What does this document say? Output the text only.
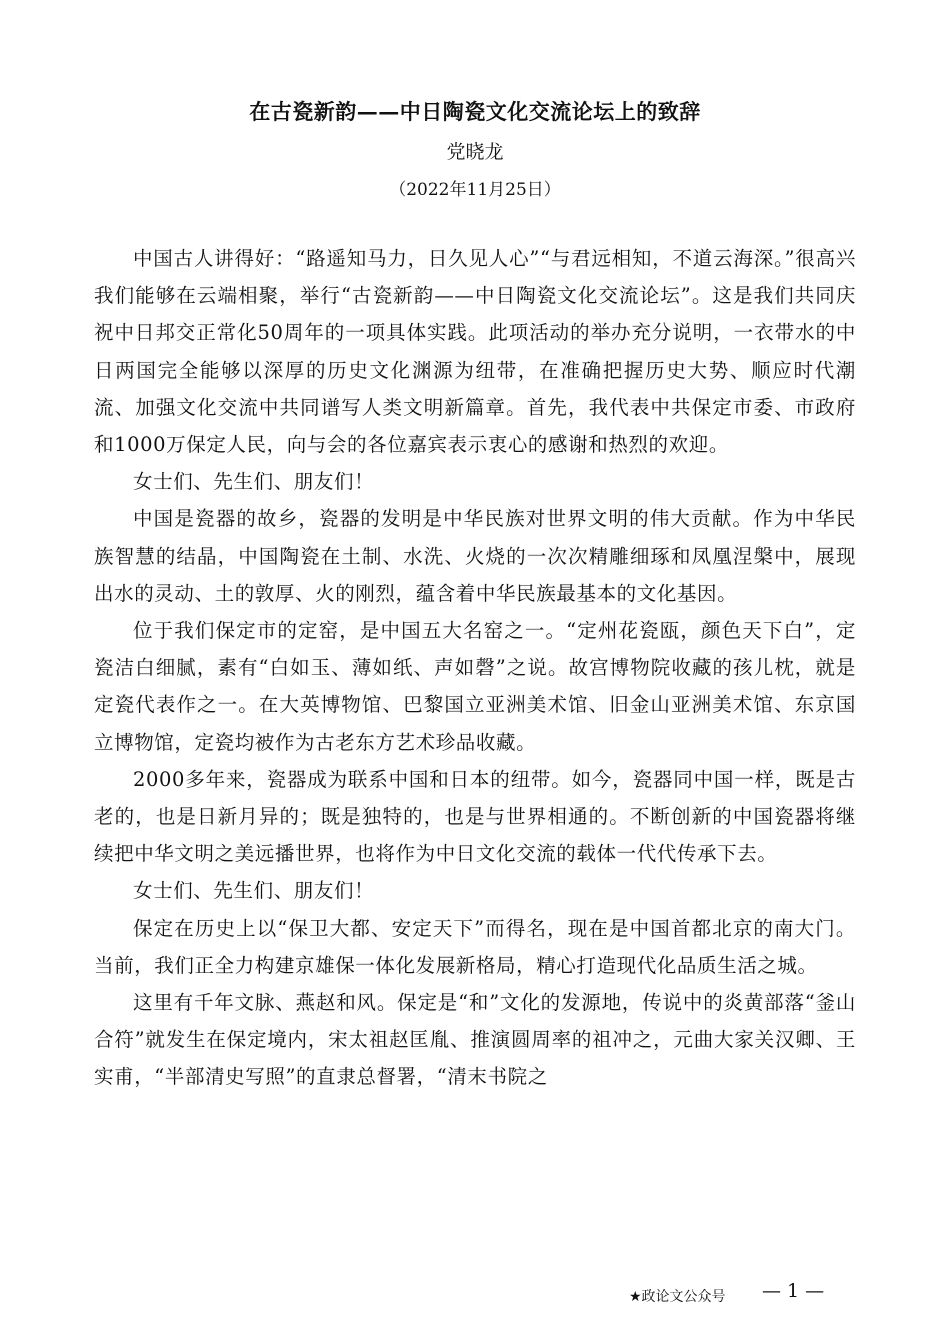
在古瓷新韵——中日陶瓷文化交流论坛上的致辞
党晓龙
（2022年11月25日）

中国古人讲得好：“路遥知马力，日久见人心”“与君远相知，不道云海深。”很高兴我们能够在云端相聚，举行“古瓷新韵——中日陶瓷文化交流论坛”。这是我们共同庆祝中日邦交正常化50周年的一项具体实践。此项活动的举办充分说明，一衣带水的中日两国完全能够以深厚的历史文化渊源为纽带，在准确把握历史大势、顺应时代潮流、加强文化交流中共同谱写人类文明新篇章。首先，我代表中共保定市委、市政府和1000万保定人民，向与会的各位嘉宾表示衷心的感谢和热烈的欢迎。

女士们、先生们、朋友们！

中国是瓷器的故乡，瓷器的发明是中华民族对世界文明的伟大贡献。作为中华民族智慧的结晶，中国陶瓷在土制、水洗、火烧的一次次精雕细琢和凤凰涅槃中，展现出水的灵动、土的敦厚、火的刚烈，蕴含着中华民族最基本的文化基因。

位于我们保定市的定窑，是中国五大名窑之一。“定州花瓷瓯，颜色天下白”，定瓷洁白细腻，素有“白如玉、薄如纸、声如磬”之说。故宫博物院收藏的孩儿枕，就是定瓷代表作之一。在大英博物馆、巴黎国立亚洲美术馆、旧金山亚洲美术馆、东京国立博物馆，定瓷均被作为古老东方艺术珍品收藏。

2000多年来，瓷器成为联系中国和日本的纽带。如今，瓷器同中国一样，既是古老的，也是日新月异的；既是独特的，也是与世界相通的。不断创新的中国瓷器将继续把中华文明之美远播世界，也将作为中日文化交流的载体一代代传承下去。

女士们、先生们、朋友们！

保定在历史上以“保卫大都、安定天下”而得名，现在是中国首都北京的南大门。当前，我们正全力构建京雄保一体化发展新格局，精心打造现代化品质生活之城。

这里有千年文脉、燕赵和风。保定是“和”文化的发源地，传说中的炎黄部落“釜山合符”就发生在保定境内，宋太祖赵匡胤、推演圆周率的祖冲之，元曲大家关汉卿、王实甫，“半部清史写照”的直隶总督署，“清末书院之

★政论文公众号 — 1 —
